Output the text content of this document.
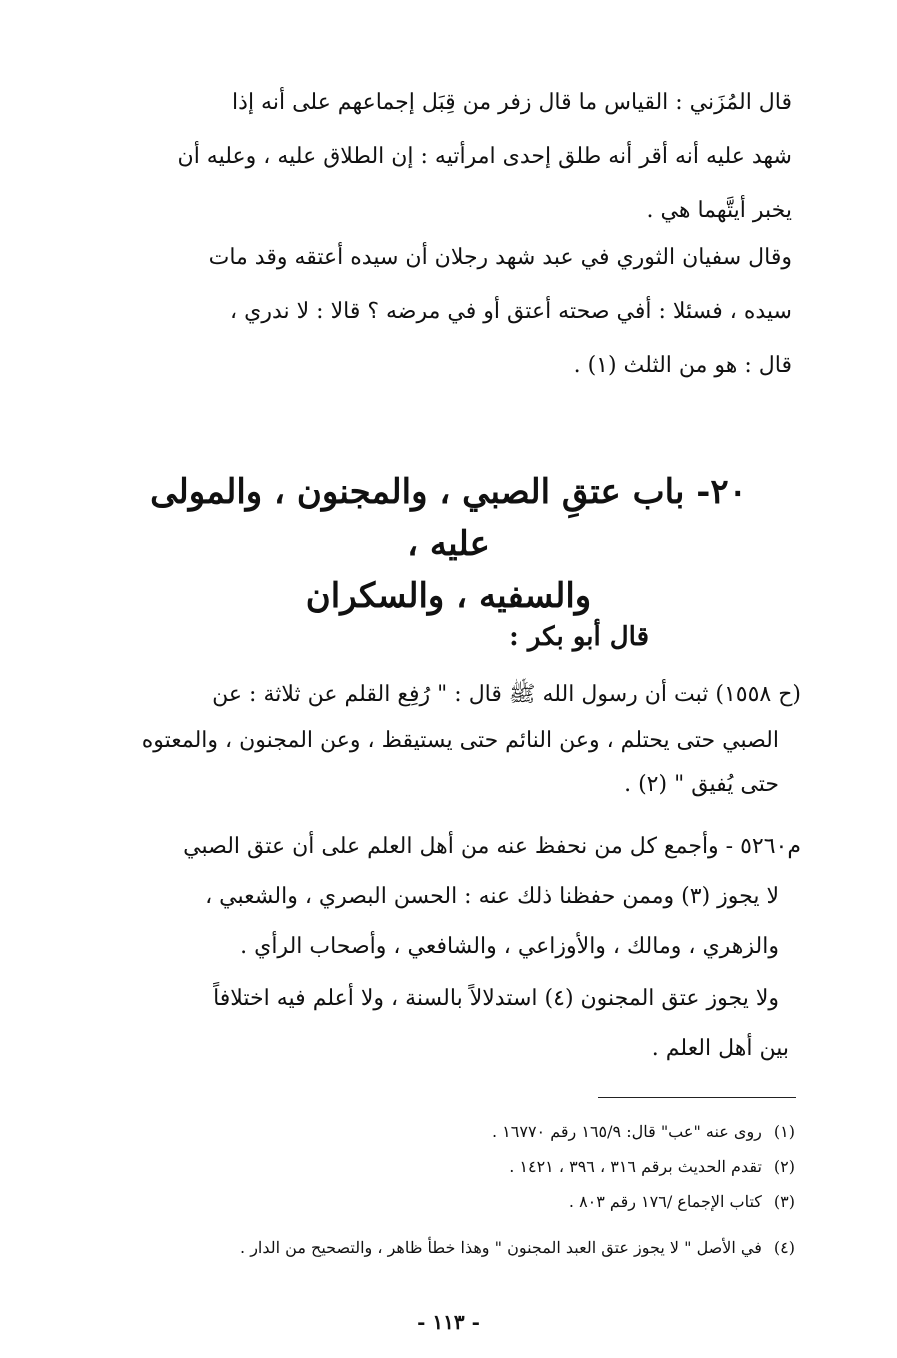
قال المُزَني : القياس ما قال زفر من قِبَل إجماعهم على أنه إذا

شهد عليه أنه أقر أنه طلق إحدى امرأتيه : إن الطلاق عليه ، وعليه أن

يخبر أيتَّهما هي .

وقال سفيان الثوري في عبد شهد رجلان أن سيده أعتقه وقد مات

سيده ، فسئلا : أفي صحته أعتق أو في مرضه ؟ قالا : لا ندري ،

قال : هو من الثلث (١) .

٢٠- باب عتقِ الصبي ، والمجنون ، والمولى عليه ،
والسفيه ، والسكران
قال أبو بكر :

(ح ١٥٥٨) ثبت أن رسول الله ﷺ قال : " رُفِع القلم عن ثلاثة : عن

الصبي حتى يحتلم ، وعن النائم حتى يستيقظ ، وعن المجنون ، والمعتوه

حتى يُفيق " (٢) .

م٥٢٦٠ - وأجمع كل من نحفظ عنه من أهل العلم على أن عتق الصبي

لا يجوز (٣) وممن حفظنا ذلك عنه : الحسن البصري ، والشعبي ،

والزهري ، ومالك ، والأوزاعي ، والشافعي ، وأصحاب الرأي .

ولا يجوز عتق المجنون (٤) استدلالاً بالسنة ، ولا أعلم فيه اختلافاً

بين أهل العلم .

(١)روى عنه "عب" قال: ١٦٥/٩ رقم ١٦٧٧٠ .
(٢)تقدم الحديث برقم ٣١٦ ، ٣٩٦ ، ١٤٢١ .
(٣)كتاب الإجماع /١٧٦ رقم ٨٠٣ .
(٤)في الأصل " لا يجوز عتق العبد المجنون " وهذا خطأ ظاهر ، والتصحيح من الدار .
- ١١٣ -
